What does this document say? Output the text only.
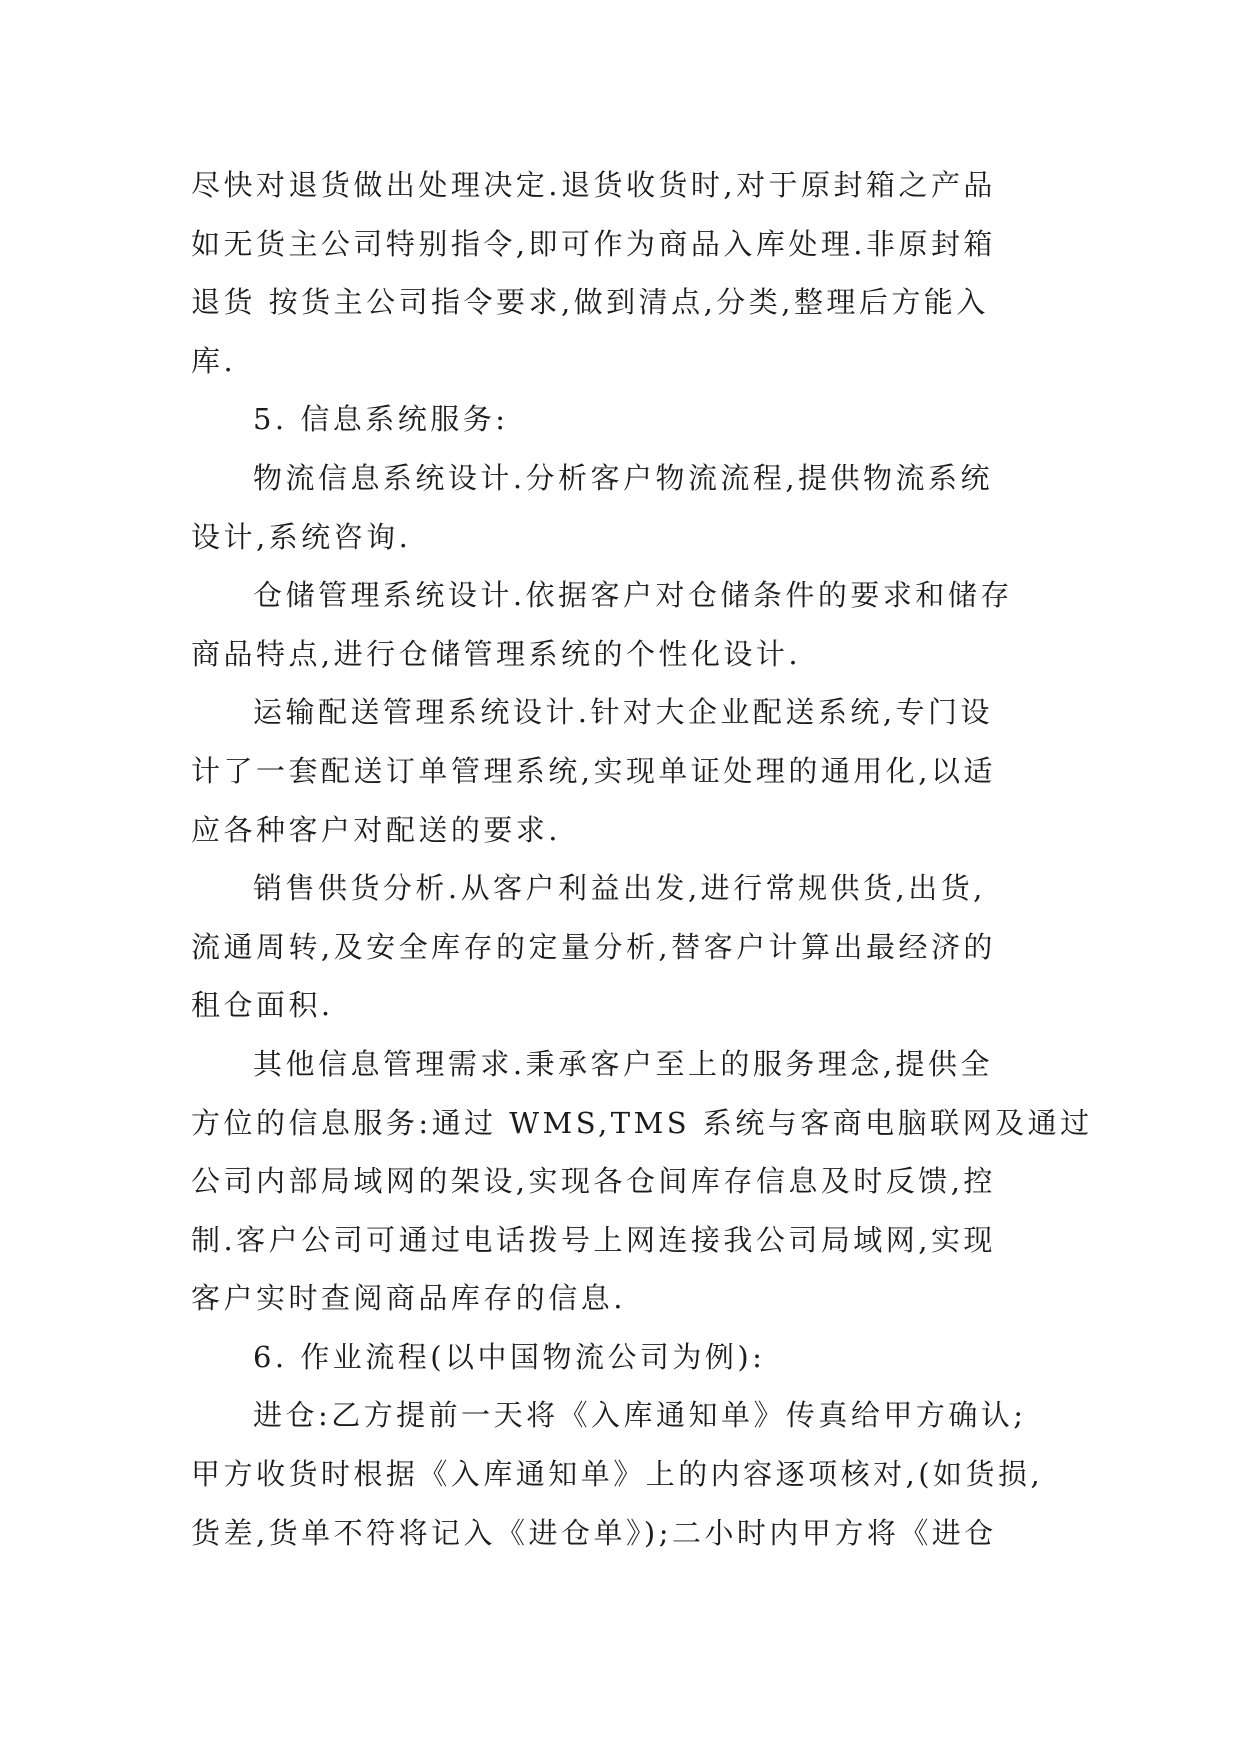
尽快对退货做出处理决定.退货收货时,对于原封箱之产品
如无货主公司特别指令,即可作为商品入库处理.非原封箱
退货 按货主公司指令要求,做到清点,分类,整理后方能入
库.
5. 信息系统服务:
物流信息系统设计.分析客户物流流程,提供物流系统
设计,系统咨询.
仓储管理系统设计.依据客户对仓储条件的要求和储存
商品特点,进行仓储管理系统的个性化设计.
运输配送管理系统设计.针对大企业配送系统,专门设
计了一套配送订单管理系统,实现单证处理的通用化,以适
应各种客户对配送的要求.
销售供货分析.从客户利益出发,进行常规供货,出货,
流通周转,及安全库存的定量分析,替客户计算出最经济的
租仓面积.
其他信息管理需求.秉承客户至上的服务理念,提供全
方位的信息服务:通过 WMS,TMS 系统与客商电脑联网及通过
公司内部局域网的架设,实现各仓间库存信息及时反馈,控
制.客户公司可通过电话拨号上网连接我公司局域网,实现
客户实时查阅商品库存的信息.
6. 作业流程(以中国物流公司为例):
进仓:乙方提前一天将《入库通知单》传真给甲方确认;
甲方收货时根据《入库通知单》上的内容逐项核对,(如货损,
货差,货单不符将记入《进仓单》);二小时内甲方将《进仓
